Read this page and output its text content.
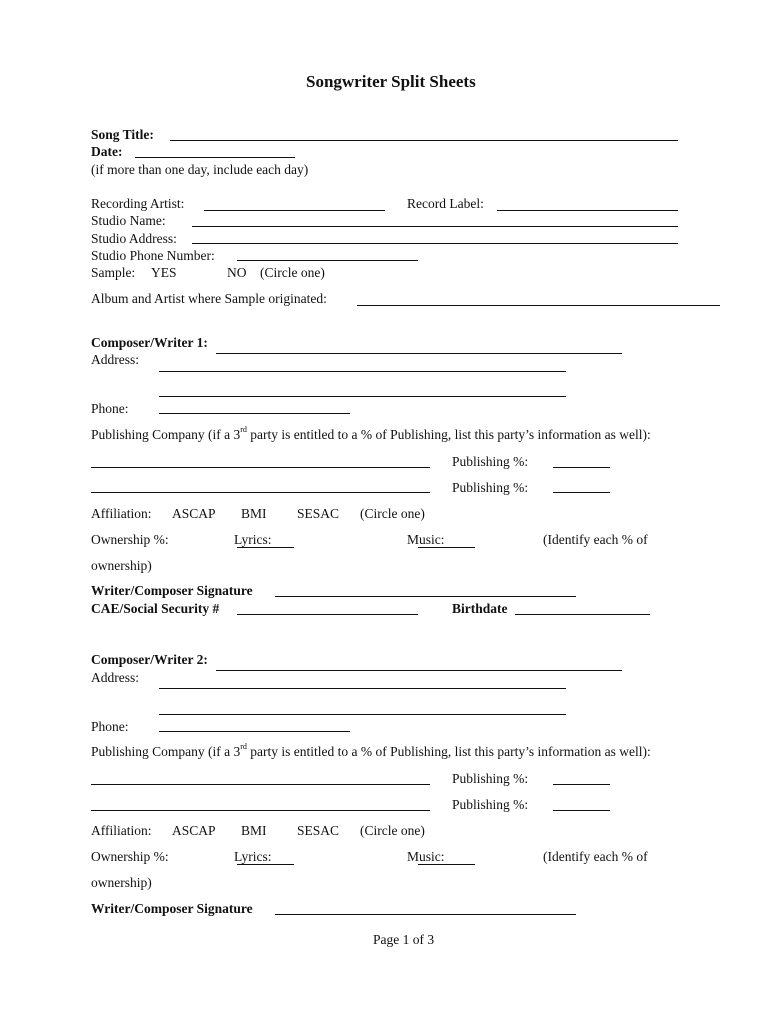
Songwriter Split Sheets
Song Title:
Date:
(if more than one day, include each day)
Recording Artist:	Record Label:
Studio Name:
Studio Address:
Studio Phone Number:
Sample: YES	NO (Circle one)
Album and Artist where Sample originated:
Composer/Writer 1:
Address:
Phone:
Publishing Company (if a 3rd party is entitled to a % of Publishing, list this party’s information as well):
Publishing %:
Publishing %:
Affiliation: ASCAP BMI SESAC (Circle one)
Ownership %:	Lyrics:	Music:	(Identify each % of
ownership)
Writer/Composer Signature
CAE/Social Security #	Birthdate
Composer/Writer 2:
Address:
Phone:
Publishing Company (if a 3rd party is entitled to a % of Publishing, list this party’s information as well):
Publishing %:
Publishing %:
Affiliation: ASCAP BMI SESAC (Circle one)
Ownership %:	Lyrics:	Music:	(Identify each % of
ownership)
Writer/Composer Signature
Page 1 of 3
